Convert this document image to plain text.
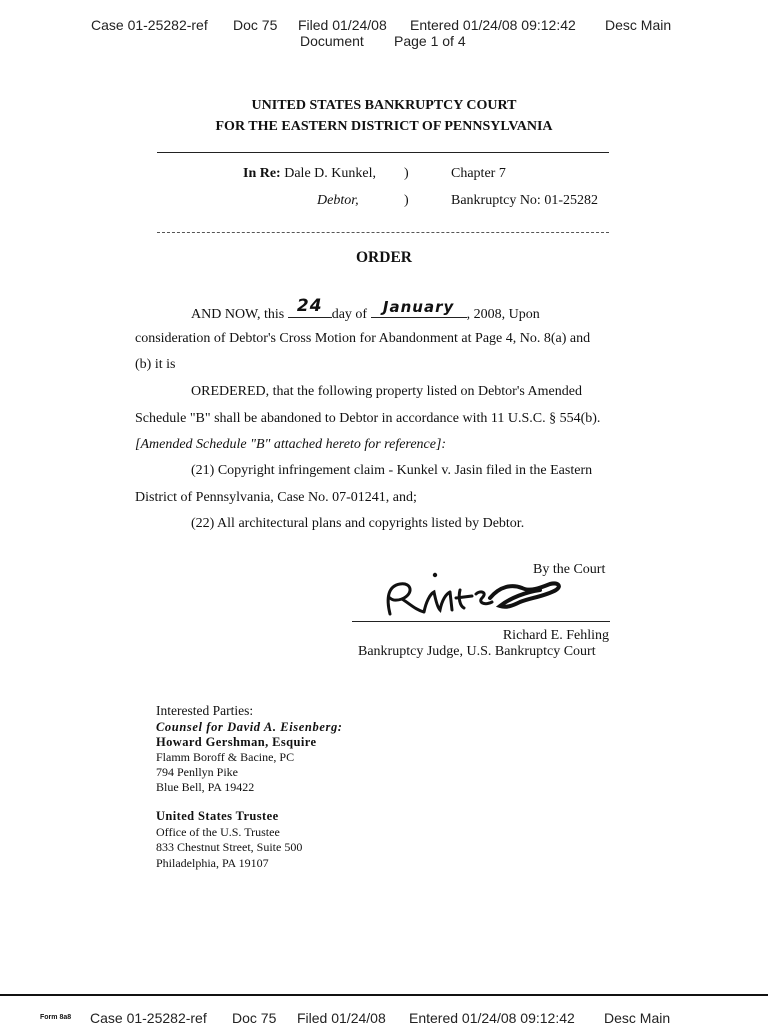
Case 01-25282-ref Doc 75 Filed 01/24/08 Entered 01/24/08 09:12:42 Desc Main
Document Page 1 of 4
UNITED STATES BANKRUPTCY COURT
FOR THE EASTERN DISTRICT OF PENNSYLVANIA
In Re: Dale D. Kunkel, )	Chapter 7
Debtor,	)	Bankruptcy No: 01-25282
ORDER
AND NOW, this 24 day of	January , 2008, Upon
consideration of Debtor's Cross Motion for Abandonment at Page 4, No. 8(a) and
(b) it is
OREDERED, that the following property listed on Debtor's Amended
Schedule "B" shall be abandoned to Debtor in accordance with 11 U.S.C. § 554(b).
[Amended Schedule "B" attached hereto for reference]:
(21) Copyright infringement claim - Kunkel v. Jasin filed in the Eastern
District of Pennsylvania, Case No. 07-01241, and;
(22) All architectural plans and copyrights listed by Debtor.
By the Court
Richard E. Fehling
Bankruptcy Judge, U.S. Bankruptcy Court
Interested Parties:
Counsel for David A. Eisenberg:
Howard Gershman, Esquire
Flamm Boroff & Bacine, PC
794 Penllyn Pike
Blue Bell, PA 19422
United States Trustee
Office of the U.S. Trustee
833 Chestnut Street, Suite 500
Philadelphia, PA 19107
Form 8a8 Case 01-25282-ref Doc 75 Filed 01/24/08 Entered 01/24/08 09:12:42 Desc Main
